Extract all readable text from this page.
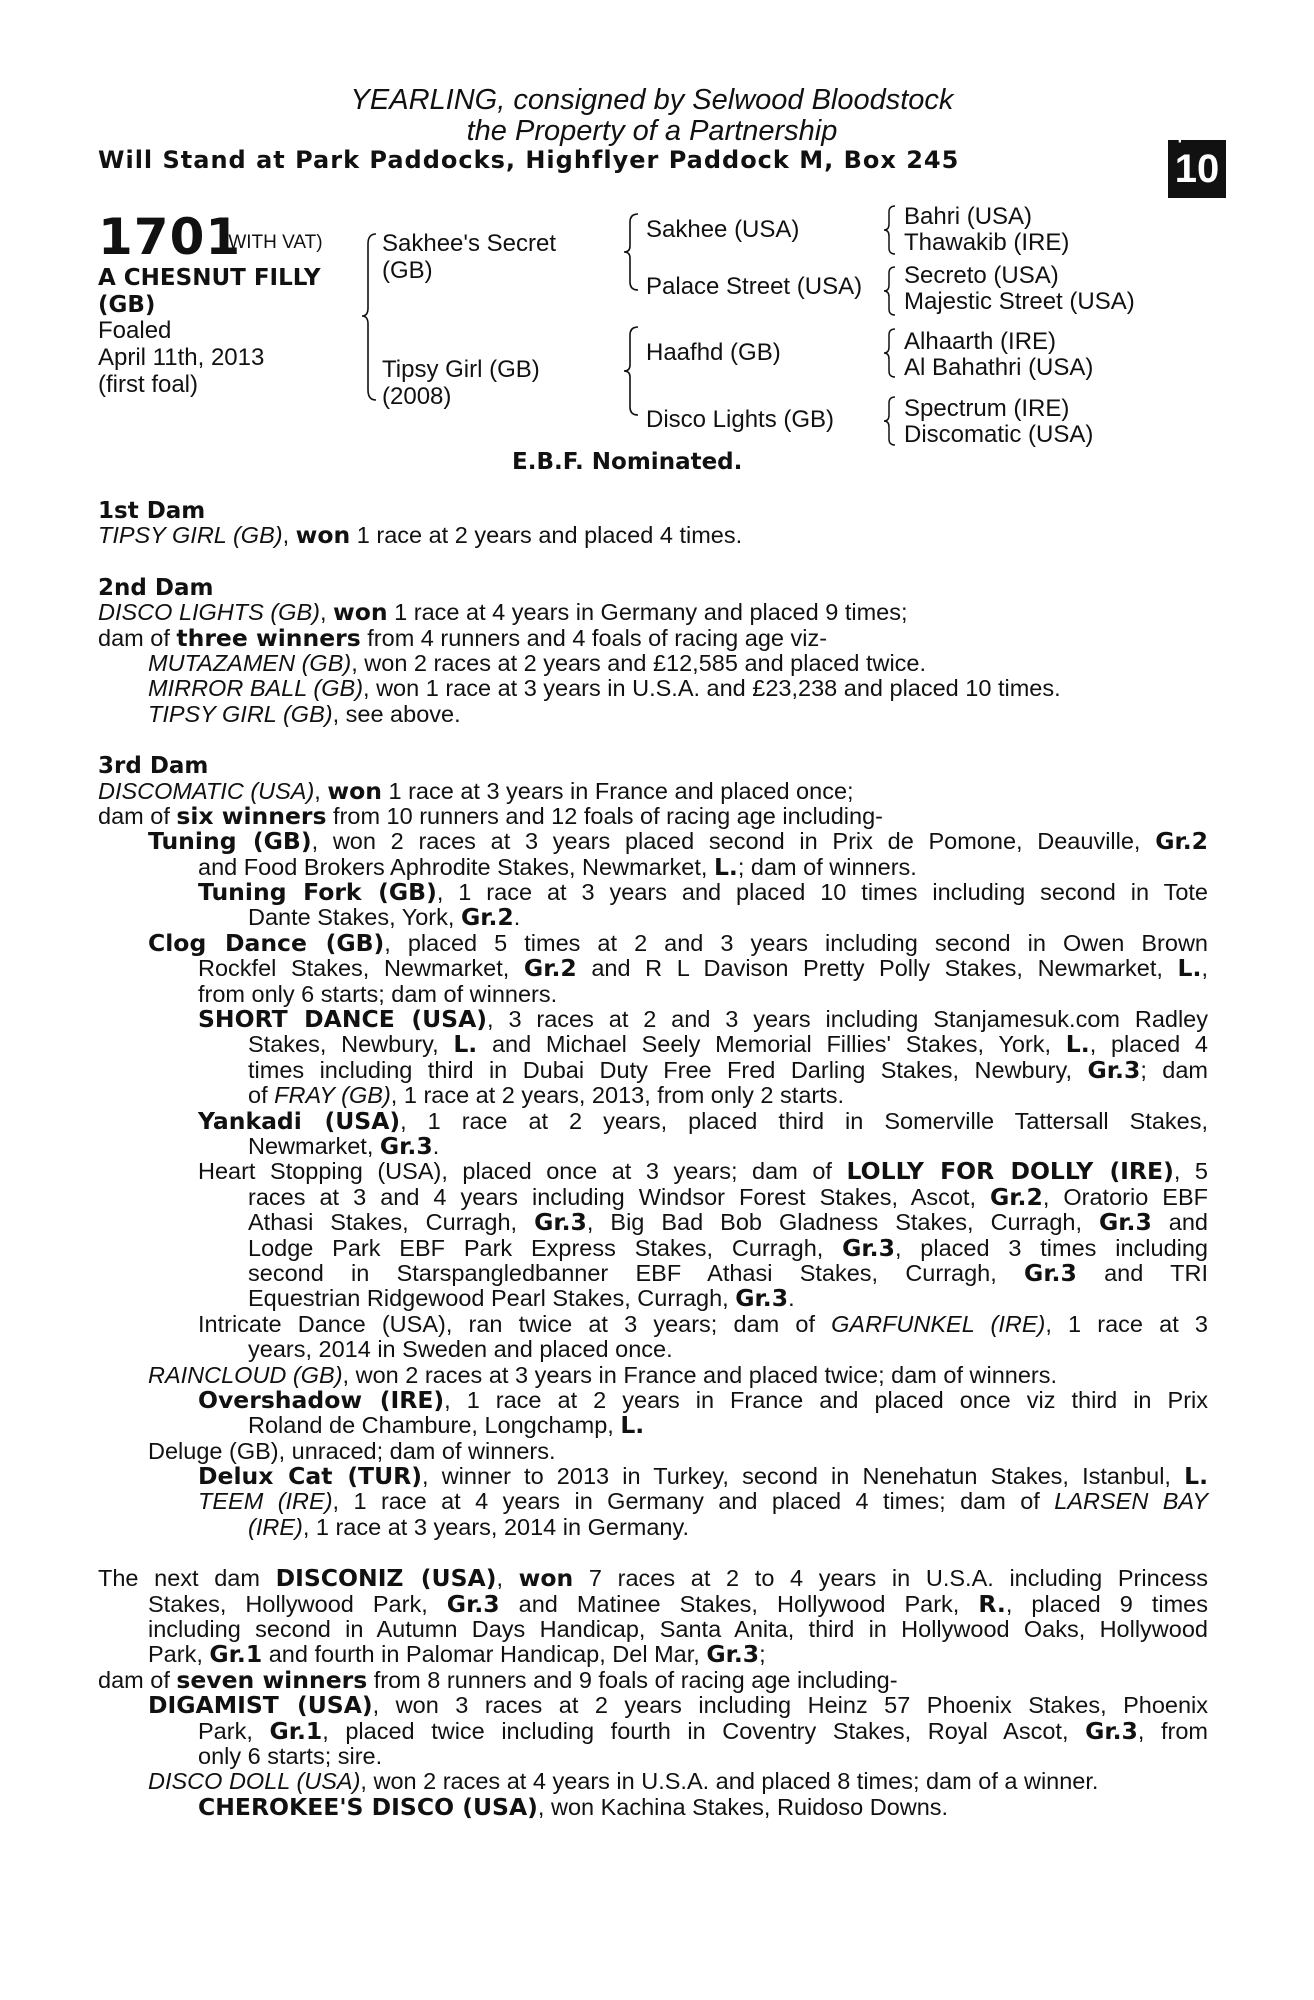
YEARLING, consigned by Selwood Bloodstock
the Property of a Partnership
Will Stand at Park Paddocks, Highflyer Paddock M, Box 245
+
10
1701
(WITH VAT)
A CHESNUT FILLY
(GB)
Foaled
April 11th, 2013
(first foal)
Sakhee's Secret
(GB)
Tipsy Girl (GB)
(2008)
Sakhee (USA)
Palace Street (USA)
Haafhd (GB)
Disco Lights (GB)
Bahri (USA)
Thawakib (IRE)
Secreto (USA)
Majestic Street (USA)
Alhaarth (IRE)
Al Bahathri (USA)
Spectrum (IRE)
Discomatic (USA)
E.B.F. Nominated.
1st Dam
TIPSY GIRL (GB), won 1 race at 2 years and placed 4 times.
2nd Dam
DISCO LIGHTS (GB), won 1 race at 4 years in Germany and placed 9 times;
dam of three winners from 4 runners and 4 foals of racing age viz-
MUTAZAMEN (GB), won 2 races at 2 years and £12,585 and placed twice.
MIRROR BALL (GB), won 1 race at 3 years in U.S.A. and £23,238 and placed 10 times.
TIPSY GIRL (GB), see above.
3rd Dam
DISCOMATIC (USA), won 1 race at 3 years in France and placed once;
dam of six winners from 10 runners and 12 foals of racing age including-
Tuning (GB), won 2 races at 3 years placed second in Prix de Pomone, Deauville, Gr.2
and Food Brokers Aphrodite Stakes, Newmarket, L.; dam of winners.
Tuning Fork (GB), 1 race at 3 years and placed 10 times including second in Tote
Dante Stakes, York, Gr.2.
Clog Dance (GB), placed 5 times at 2 and 3 years including second in Owen Brown
Rockfel Stakes, Newmarket, Gr.2 and R L Davison Pretty Polly Stakes, Newmarket, L.,
from only 6 starts; dam of winners.
SHORT DANCE (USA), 3 races at 2 and 3 years including Stanjamesuk.com Radley
Stakes, Newbury, L. and Michael Seely Memorial Fillies' Stakes, York, L., placed 4
times including third in Dubai Duty Free Fred Darling Stakes, Newbury, Gr.3; dam
of FRAY (GB), 1 race at 2 years, 2013, from only 2 starts.
Yankadi (USA), 1 race at 2 years, placed third in Somerville Tattersall Stakes,
Newmarket, Gr.3.
Heart Stopping (USA), placed once at 3 years; dam of LOLLY FOR DOLLY (IRE), 5
races at 3 and 4 years including Windsor Forest Stakes, Ascot, Gr.2, Oratorio EBF
Athasi Stakes, Curragh, Gr.3, Big Bad Bob Gladness Stakes, Curragh, Gr.3 and
Lodge Park EBF Park Express Stakes, Curragh, Gr.3, placed 3 times including
second in Starspangledbanner EBF Athasi Stakes, Curragh, Gr.3 and TRI
Equestrian Ridgewood Pearl Stakes, Curragh, Gr.3.
Intricate Dance (USA), ran twice at 3 years; dam of GARFUNKEL (IRE), 1 race at 3
years, 2014 in Sweden and placed once.
RAINCLOUD (GB), won 2 races at 3 years in France and placed twice; dam of winners.
Overshadow (IRE), 1 race at 2 years in France and placed once viz third in Prix
Roland de Chambure, Longchamp, L.
Deluge (GB), unraced; dam of winners.
Delux Cat (TUR), winner to 2013 in Turkey, second in Nenehatun Stakes, Istanbul, L.
TEEM (IRE), 1 race at 4 years in Germany and placed 4 times; dam of LARSEN BAY
(IRE), 1 race at 3 years, 2014 in Germany.
The next dam DISCONIZ (USA), won 7 races at 2 to 4 years in U.S.A. including Princess
Stakes, Hollywood Park, Gr.3 and Matinee Stakes, Hollywood Park, R., placed 9 times
including second in Autumn Days Handicap, Santa Anita, third in Hollywood Oaks, Hollywood
Park, Gr.1 and fourth in Palomar Handicap, Del Mar, Gr.3;
dam of seven winners from 8 runners and 9 foals of racing age including-
DIGAMIST (USA), won 3 races at 2 years including Heinz 57 Phoenix Stakes, Phoenix
Park, Gr.1, placed twice including fourth in Coventry Stakes, Royal Ascot, Gr.3, from
only 6 starts; sire.
DISCO DOLL (USA), won 2 races at 4 years in U.S.A. and placed 8 times; dam of a winner.
CHEROKEE'S DISCO (USA), won Kachina Stakes, Ruidoso Downs.
